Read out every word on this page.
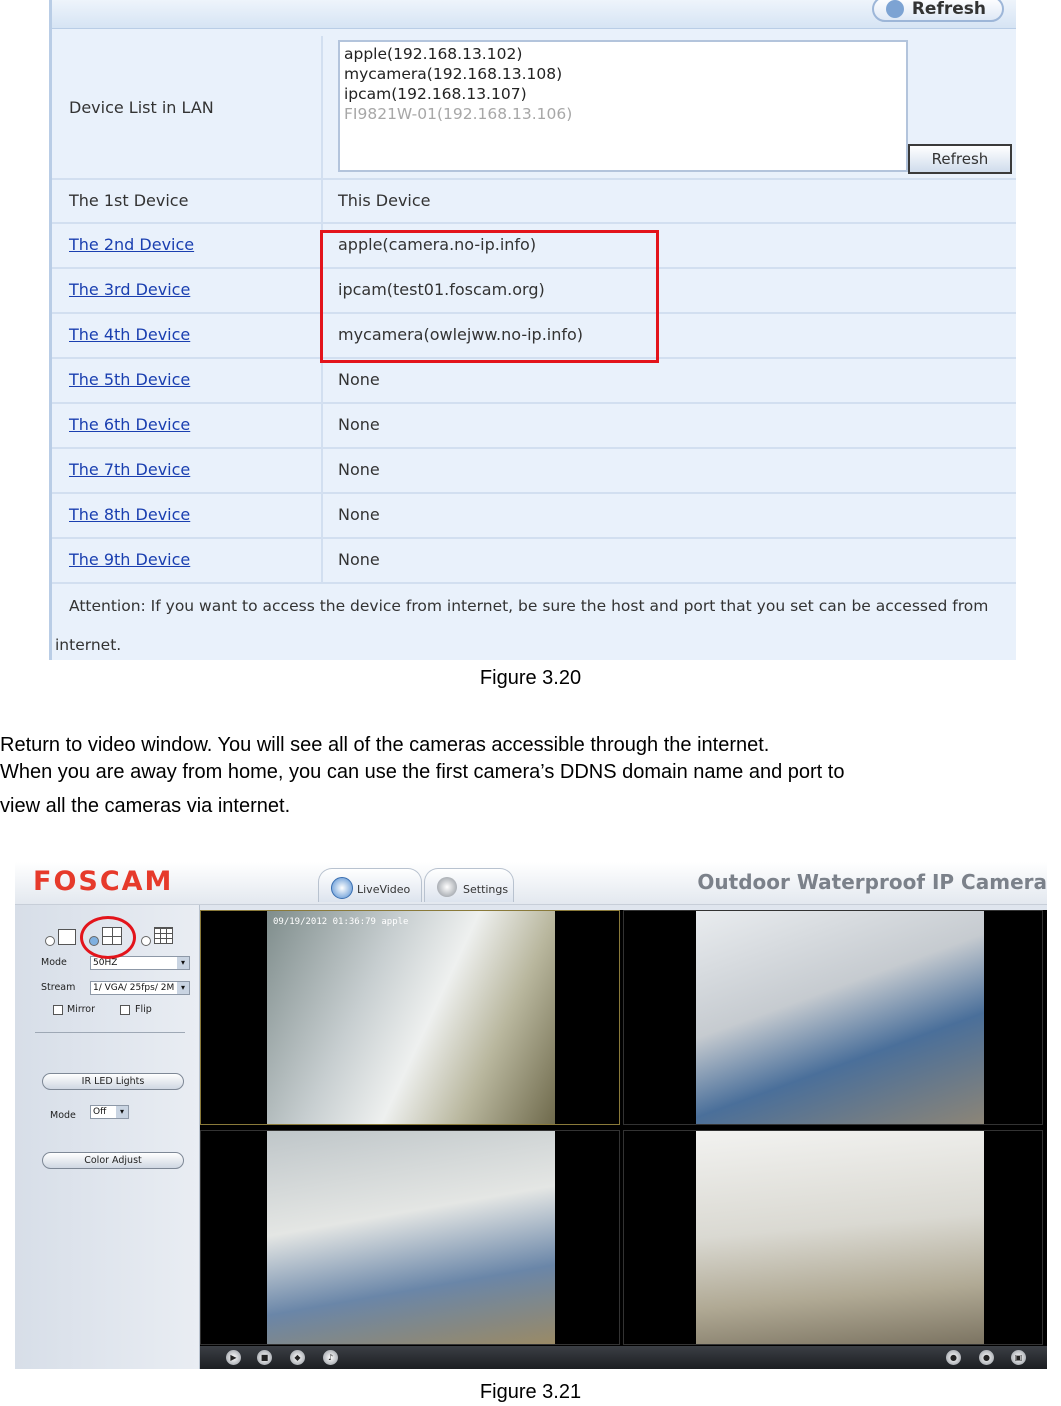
Refresh
Device List in LAN
apple(192.168.13.102)
mycamera(192.168.13.108)
ipcam(192.168.13.107)
FI9821W-01(192.168.13.106)
Refresh
The 1st Device	This Device
The 2nd Device	apple(camera.no-ip.info)
The 3rd Device	ipcam(test01.foscam.org)
The 4th Device	mycamera(owlejww.no-ip.info)
The 5th Device	None
The 6th Device	None
The 7th Device	None
The 8th Device	None
The 9th Device	None
Attention: If you want to access the device from internet, be sure the host and port that you set can be accessed from
internet.
Figure 3.20
Return to video window. You will see all of the cameras accessible through the internet.
When you are away from home, you can use the first camera’s DDNS domain name and port to
view all the cameras via internet.
FOSCAM	LiveVideo	Settings	Outdoor Waterproof IP Camera
Mode	50HZ	▾
Stream	1/ VGA/ 25fps/ 2M ▾
Mirror	Flip
IR LED Lights
Mode	Off	▾
Color Adjust
09/19/2012 01:36:79 apple
▶	■	◆	♪	●	●	▣
Figure 3.21
